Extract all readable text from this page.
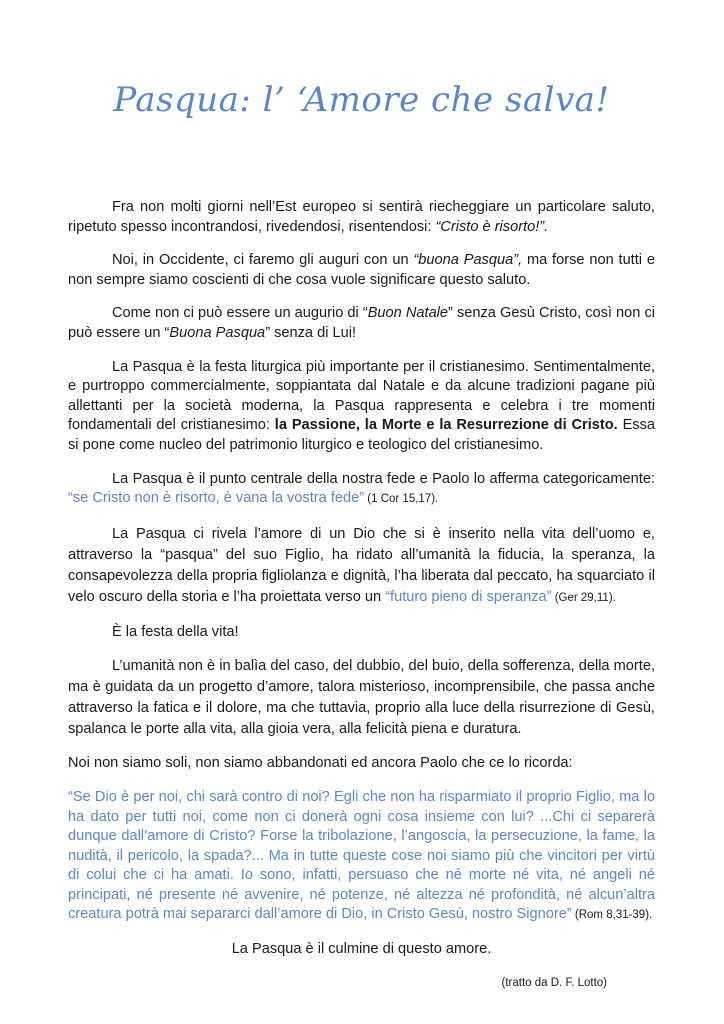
Pasqua: l’ ‘Amore che salva!

Fra non molti giorni nell’Est europeo si sentirà riecheggiare un particolare saluto, ripetuto spesso incontrandosi, rivedendosi, risentendosi: “Cristo è risorto!”.

Noi, in Occidente, ci faremo gli auguri con un “buona Pasqua”, ma forse non tutti e non sempre siamo coscienti di che cosa vuole significare questo saluto.

Come non ci può essere un augurio di “Buon Natale” senza Gesù Cristo, così non ci può essere un “Buona Pasqua” senza di Lui!

La Pasqua è la festa liturgica più importante per il cristianesimo. Sentimentalmente, e purtroppo commercialmente, soppiantata dal Natale e da alcune tradizioni pagane più allettanti per la società moderna, la Pasqua rappresenta e celebra i tre momenti fondamentali del cristianesimo: la Passione, la Morte e la Resurrezione di Cristo. Essa si pone come nucleo del patrimonio liturgico e teologico del cristianesimo.

La Pasqua è il punto centrale della nostra fede e Paolo lo afferma categoricamente: “se Cristo non è risorto, è vana la vostra fede” (1 Cor 15,17).

La Pasqua ci rivela l’amore di un Dio che si è inserito nella vita dell’uomo e, attraverso la “pasqua” del suo Figlio, ha ridato all’umanità la fiducia, la speranza, la consapevolezza della propria figliolanza e dignità, l’ha liberata dal peccato, ha squarciato il velo oscuro della storia e l’ha proiettata verso un “futuro pieno di speranza” (Ger 29,11).

È la festa della vita!

L’umanità non è in balìa del caso, del dubbio, del buio, della sofferenza, della morte, ma è guidata da un progetto d’amore, talora misterioso, incomprensibile, che passa anche attraverso la fatica e il dolore, ma che tuttavia, proprio alla luce della risurrezione di Gesù, spalanca le porte alla vita, alla gioia vera, alla felicità piena e duratura.

Noi non siamo soli, non siamo abbandonati ed ancora Paolo che ce lo ricorda:

“Se Dio è per noi, chi sarà contro di noi? Egli che non ha risparmiato il proprio Figlio, ma lo ha dato per tutti noi, come non ci donerà ogni cosa insieme con lui? ...Chi ci separerà dunque dall’amore di Cristo? Forse la tribolazione, l’angoscia, la persecuzione, la fame, la nudità, il pericolo, la spada?... Ma in tutte queste cose noi siamo più che vincitori per virtù di colui che ci ha amati. Io sono, infatti, persuaso che né morte né vita, né angeli né principati, né presente né avvenire, né potenze, né altezza né profondità, né alcun’altra creatura potrà mai separarci dall’amore di Dio, in Cristo Gesù, nostro Signore” (Rom 8,31-39).

La Pasqua è il culmine di questo amore.

(tratto da D. F. Lotto)
